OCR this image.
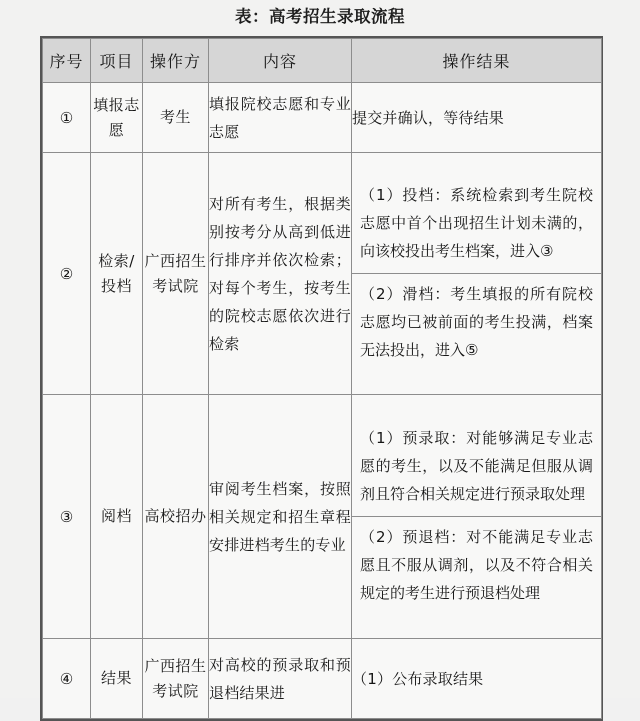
表：高考招生录取流程
序号	项目	操作方	内容	操作结果
①	填报志愿	考生	填报院校志愿和专业志愿	提交并确认，等待结果
②	检索/投档	广西招生考试院	对所有考生，根据类别按考分从高到低进行排序并依次检索；对每个考生，按考生的院校志愿依次进行检索	（1）投档：系统检索到考生院校志愿中首个出现招生计划未满的，向该校投出考生档案，进入③
（2）滑档：考生填报的所有院校志愿均已被前面的考生投满，档案无法投出，进入⑤

③	阅档	高校招办	审阅考生档案，按照相关规定和招生章程安排进档考生的专业	（1）预录取：对能够满足专业志愿的考生，以及不能满足但服从调剂且符合相关规定进行预录取处理
（2）预退档：对不能满足专业志愿且不服从调剂，以及不符合相关规定的考生进行预退档处理

④	结果	广西招生考试院	对高校的预录取和预退档结果进	（1）公布录取结果
